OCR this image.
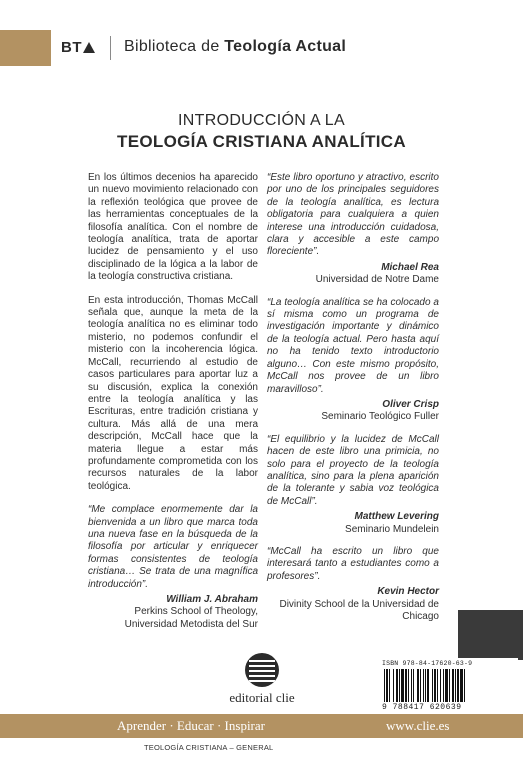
BT	Biblioteca de Teología Actual
INTRODUCCIÓN A LA
TEOLOGÍA CRISTIANA ANALÍTICA

En los últimos decenios ha aparecido un nuevo movimiento relacionado con la reflexión teológica que provee de las herramientas conceptuales de la filosofía analítica. Con el nombre de teología analítica, trata de aportar lucidez de pensamiento y el uso disciplinado de la lógica a la labor de la teología constructiva cristiana.

En esta introducción, Thomas McCall señala que, aunque la meta de la teología analítica no es eliminar todo misterio, no podemos confundir el misterio con la incoherencia lógica. McCall, recurriendo al estudio de casos particulares para aportar luz a su discusión, explica la conexión entre la teología analítica y las Escrituras, entre tradición cristiana y cultura. Más allá de una mera descripción, McCall hace que la materia llegue a estar más profundamente comprometida con los recursos naturales de la labor teológica.

“Me complace enormemente dar la bienvenida a un libro que marca toda una nueva fase en la búsqueda de la filosofía por articular y enriquecer formas consistentes de teología cristiana… Se trata de una magnífica introducción”.
William J. Abraham
Perkins School of Theology,
Universidad Metodista del Sur
“Este libro oportuno y atractivo, escrito por uno de los principales seguidores de la teología analítica, es lectura obligatoria para cualquiera a quien interese una introducción cuidadosa, clara y accesible a este campo floreciente”.
Michael Rea
Universidad de Notre Dame
“La teología analítica se ha colocado a sí misma como un programa de investigación importante y dinámico de la teología actual. Pero hasta aquí no ha tenido texto introductorio alguno… Con este mismo propósito, McCall nos provee de un libro maravilloso”.
Oliver Crisp
Seminario Teológico Fuller
“El equilibrio y la lucidez de McCall hacen de este libro una primicia, no solo para el proyecto de la teología analítica, sino para la plena aparición de la tolerante y sabia voz teológica de McCall”.
Matthew Levering
Seminario Mundelein
“McCall ha escrito un libro que interesará tanto a estudiantes como a profesores”.
Kevin Hector
Divinity School de la Universidad de Chicago
editorial clie
ISBN 978-84-17620-63-9
9 788417 620639
Aprender · Educar · Inspirar	www.clie.es
TEOLOGÍA CRISTIANA – GENERAL
